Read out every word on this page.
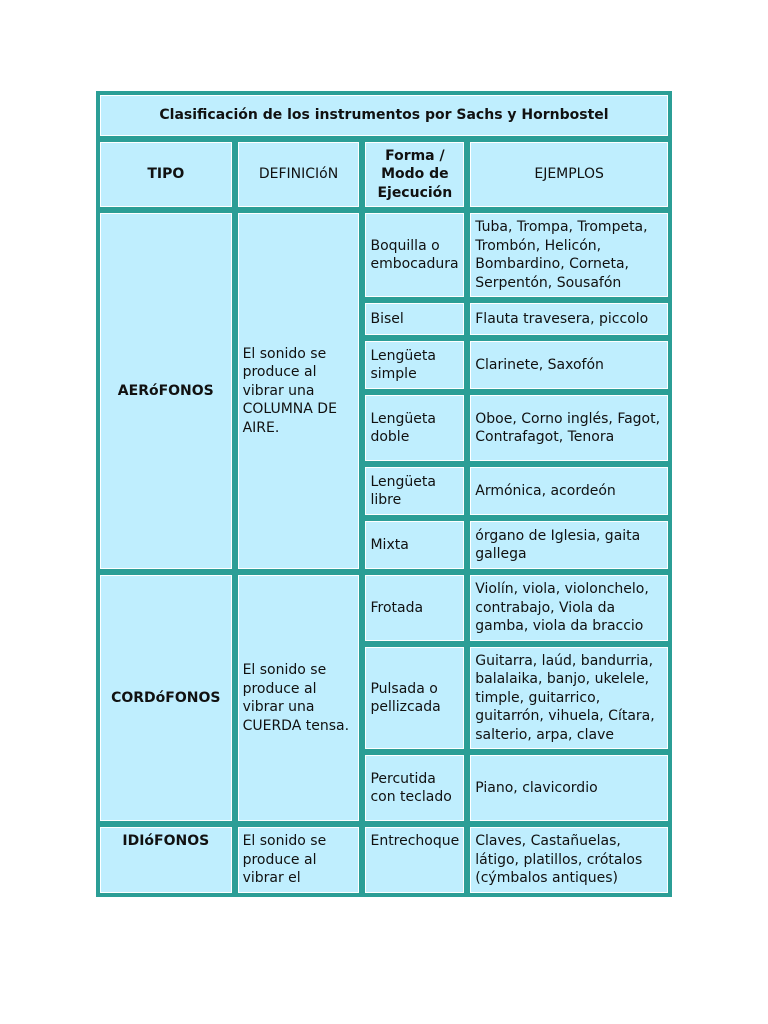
Clasificación de los instrumentos por Sachs y Hornbostel			
TIPO	DEFINICIóN	Forma / Modo de Ejecución	EJEMPLOS
AERóFONOS	El sonido se produce al vibrar una COLUMNA DE AIRE.	Boquilla o embocadura	Tuba, Trompa, Trompeta, Trombón, Helicón, Bombardino, Corneta, Serpentón, Sousafón
		Bisel	Flauta travesera, piccolo
		Lengüeta simple	Clarinete, Saxofón
		Lengüeta doble	Oboe, Corno inglés, Fagot, Contrafagot, Tenora
		Lengüeta libre	Armónica, acordeón
		Mixta	órgano de Iglesia, gaita gallega
CORDóFONOS	El sonido se produce al vibrar una CUERDA tensa.	Frotada	Violín, viola, violonchelo, contrabajo, Viola da gamba, viola da braccio
		Pulsada o pellizcada	Guitarra, laúd, bandurria, balalaika, banjo, ukelele, timple, guitarrico, guitarrón, vihuela, Cítara, salterio, arpa, clave
		Percutida con teclado	Piano, clavicordio
IDIóFONOS	El sonido se produce al vibrar el	Entrechoque	Claves, Castañuelas, látigo, platillos, crótalos (cýmbalos antiques)
